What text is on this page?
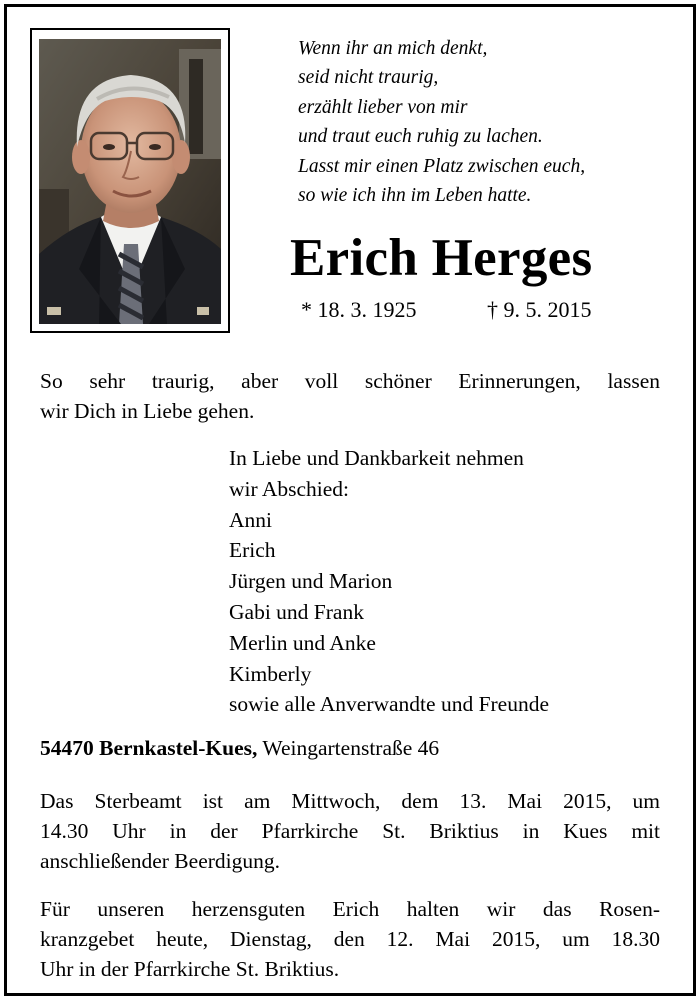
Wenn ihr an mich denkt,
seid nicht traurig,
erzählt lieber von mir
und traut euch ruhig zu lachen.
Lasst mir einen Platz zwischen euch,
so wie ich ihn im Leben hatte.
Erich Herges
* 18. 3. 1925	† 9. 5. 2015
So sehr traurig, aber voll schöner Erinnerungen, lassen
wir Dich in Liebe gehen.
In Liebe und Dankbarkeit nehmen
wir Abschied:
Anni
Erich
Jürgen und Marion
Gabi und Frank
Merlin und Anke
Kimberly
sowie alle Anverwandte und Freunde
54470 Bernkastel-Kues, Weingartenstraße 46
Das Sterbeamt ist am Mittwoch, dem 13. Mai 2015, um
14.30 Uhr in der Pfarrkirche St. Briktius in Kues mit
anschließender Beerdigung.
Für unseren herzensguten Erich halten wir das Rosen-
kranzgebet heute, Dienstag, den 12. Mai 2015, um 18.30
Uhr in der Pfarrkirche St. Briktius.
